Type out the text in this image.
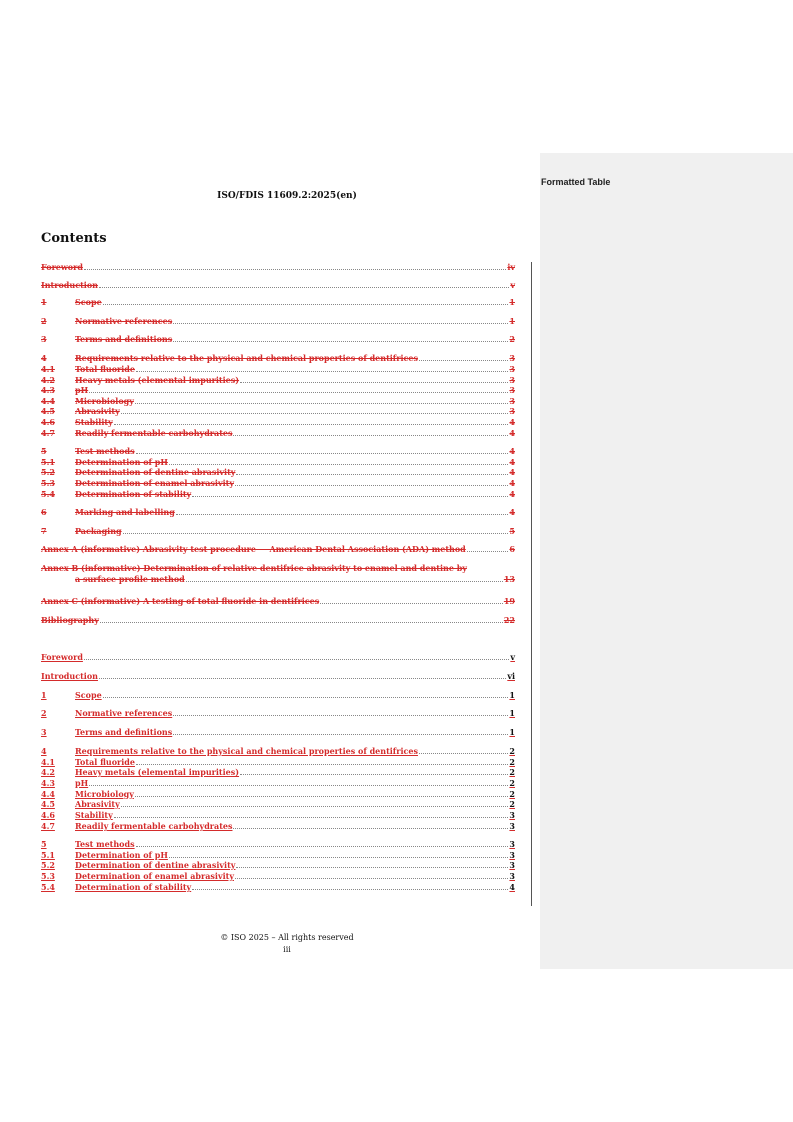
Formatted Table
ISO/FDIS 11609.2:2025(en)
Contents
Foreword	iv
Introduction	v
1	Scope	1
2	Normative references	1
3	Terms and definitions	2
4	Requirements relative to the physical and chemical properties of dentifrices	3
4.1	Total fluoride	3
4.2	Heavy metals (elemental impurities)	3
4.3	pH	3
4.4	Microbiology	3
4.5	Abrasivity	3
4.6	Stability	4
4.7	Readily fermentable carbohydrates	4
5	Test methods	4
5.1	Determination of pH	4
5.2	Determination of dentine abrasivity	4
5.3	Determination of enamel abrasivity	4
5.4	Determination of stability	4
6	Marking and labelling	4
7	Packaging	5
Annex A (informative) Abrasivity test procedure — American Dental Association (ADA) method	6
Annex B (informative) Determination of relative dentifrice abrasivity to enamel and dentine by
a surface profile method	13
Annex C (informative) A testing of total fluoride in dentifrices	19
Bibliography	22
Foreword	v
Introduction	vi
1	Scope	1
2	Normative references	1
3	Terms and definitions	1
4	Requirements relative to the physical and chemical properties of dentifrices	2
4.1	Total fluoride	2
4.2	Heavy metals (elemental impurities)	2
4.3	pH	2
4.4	Microbiology	2
4.5	Abrasivity	2
4.6	Stability	3
4.7	Readily fermentable carbohydrates	3
5	Test methods	3
5.1	Determination of pH	3
5.2	Determination of dentine abrasivity	3
5.3	Determination of enamel abrasivity	3
5.4	Determination of stability	4
© ISO 2025 – All rights reserved
iii
